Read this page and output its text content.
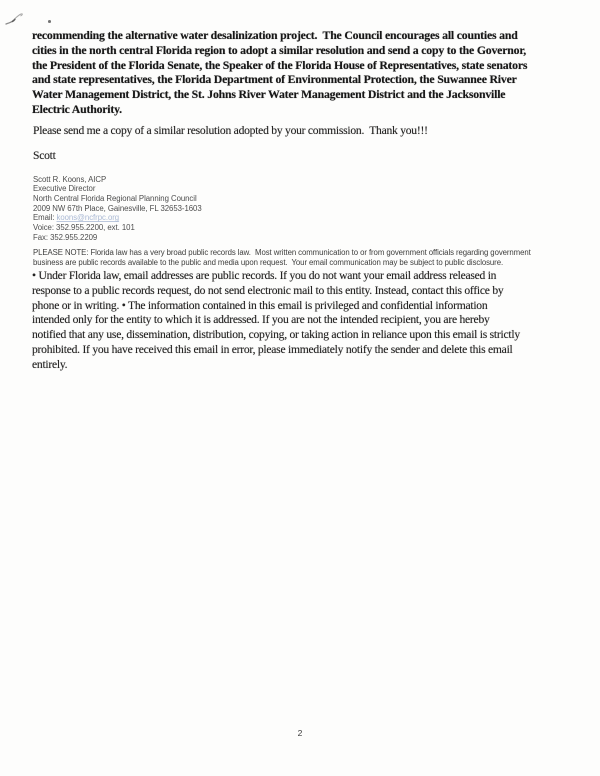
recommending the alternative water desalinization project.  The Council encourages all counties and
cities in the north central Florida region to adopt a similar resolution and send a copy to the Governor,
the President of the Florida Senate, the Speaker of the Florida House of Representatives, state senators
and state representatives, the Florida Department of Environmental Protection, the Suwannee River
Water Management District, the St. Johns River Water Management District and the Jacksonville
Electric Authority.
Please send me a copy of a similar resolution adopted by your commission.  Thank you!!!
Scott
Scott R. Koons, AICP
Executive Director
North Central Florida Regional Planning Council
2009 NW 67th Place, Gainesville, FL 32653-1603
Email: koons@ncfrpc.org
Voice: 352.955.2200, ext. 101
Fax: 352.955.2209
PLEASE NOTE: Florida law has a very broad public records law.  Most written communication to or from government officials regarding government
business are public records available to the public and media upon request.  Your email communication may be subject to public disclosure.
• Under Florida law, email addresses are public records. If you do not want your email address released in
response to a public records request, do not send electronic mail to this entity. Instead, contact this office by
phone or in writing. • The information contained in this email is privileged and confidential information
intended only for the entity to which it is addressed. If you are not the intended recipient, you are hereby
notified that any use, dissemination, distribution, copying, or taking action in reliance upon this email is strictly
prohibited. If you have received this email in error, please immediately notify the sender and delete this email
entirely.
2
